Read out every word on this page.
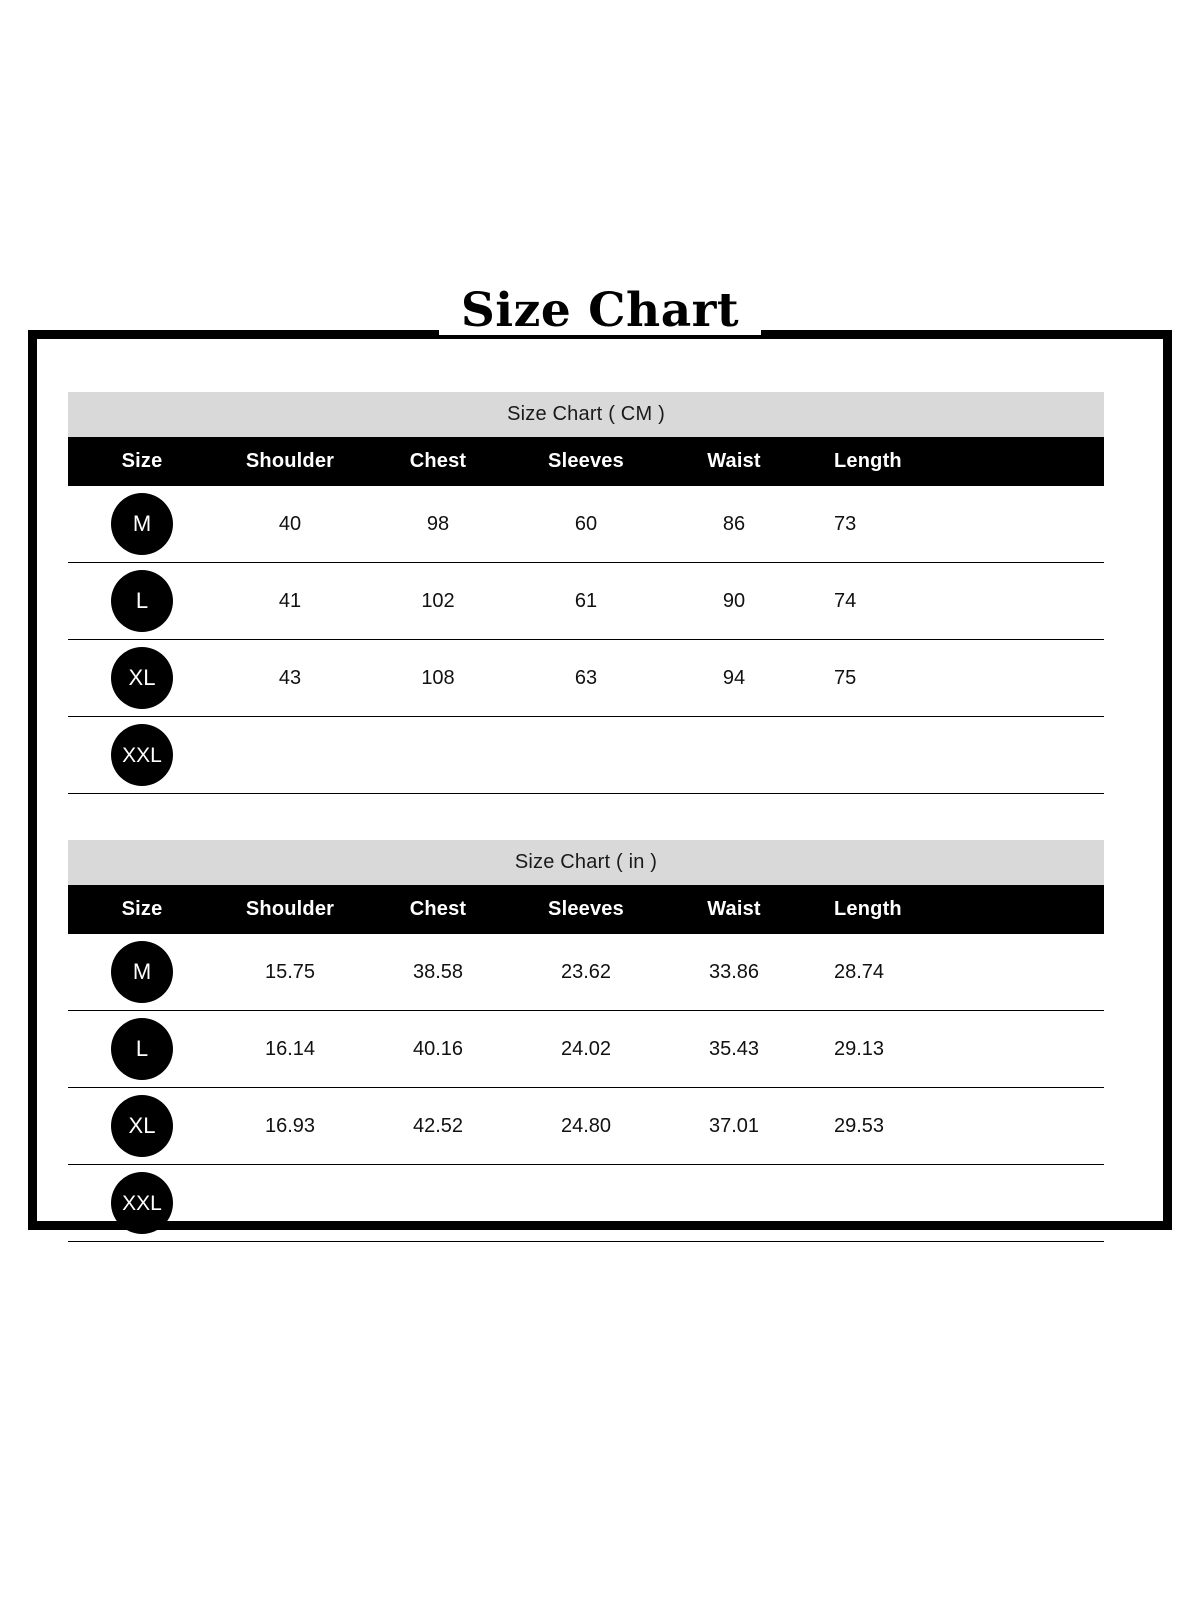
Size Chart
Size Chart ( CM )						
Size	Shoulder	Chest	Sleeves	Waist	Length	
M	40	98	60	86	73	
L	41	102	61	90	74	
XL	43	108	63	94	75	
XXL						
Size Chart ( in )						
Size	Shoulder	Chest	Sleeves	Waist	Length	
M	15.75	38.58	23.62	33.86	28.74	
L	16.14	40.16	24.02	35.43	29.13	
XL	16.93	42.52	24.80	37.01	29.53	
XXL						
